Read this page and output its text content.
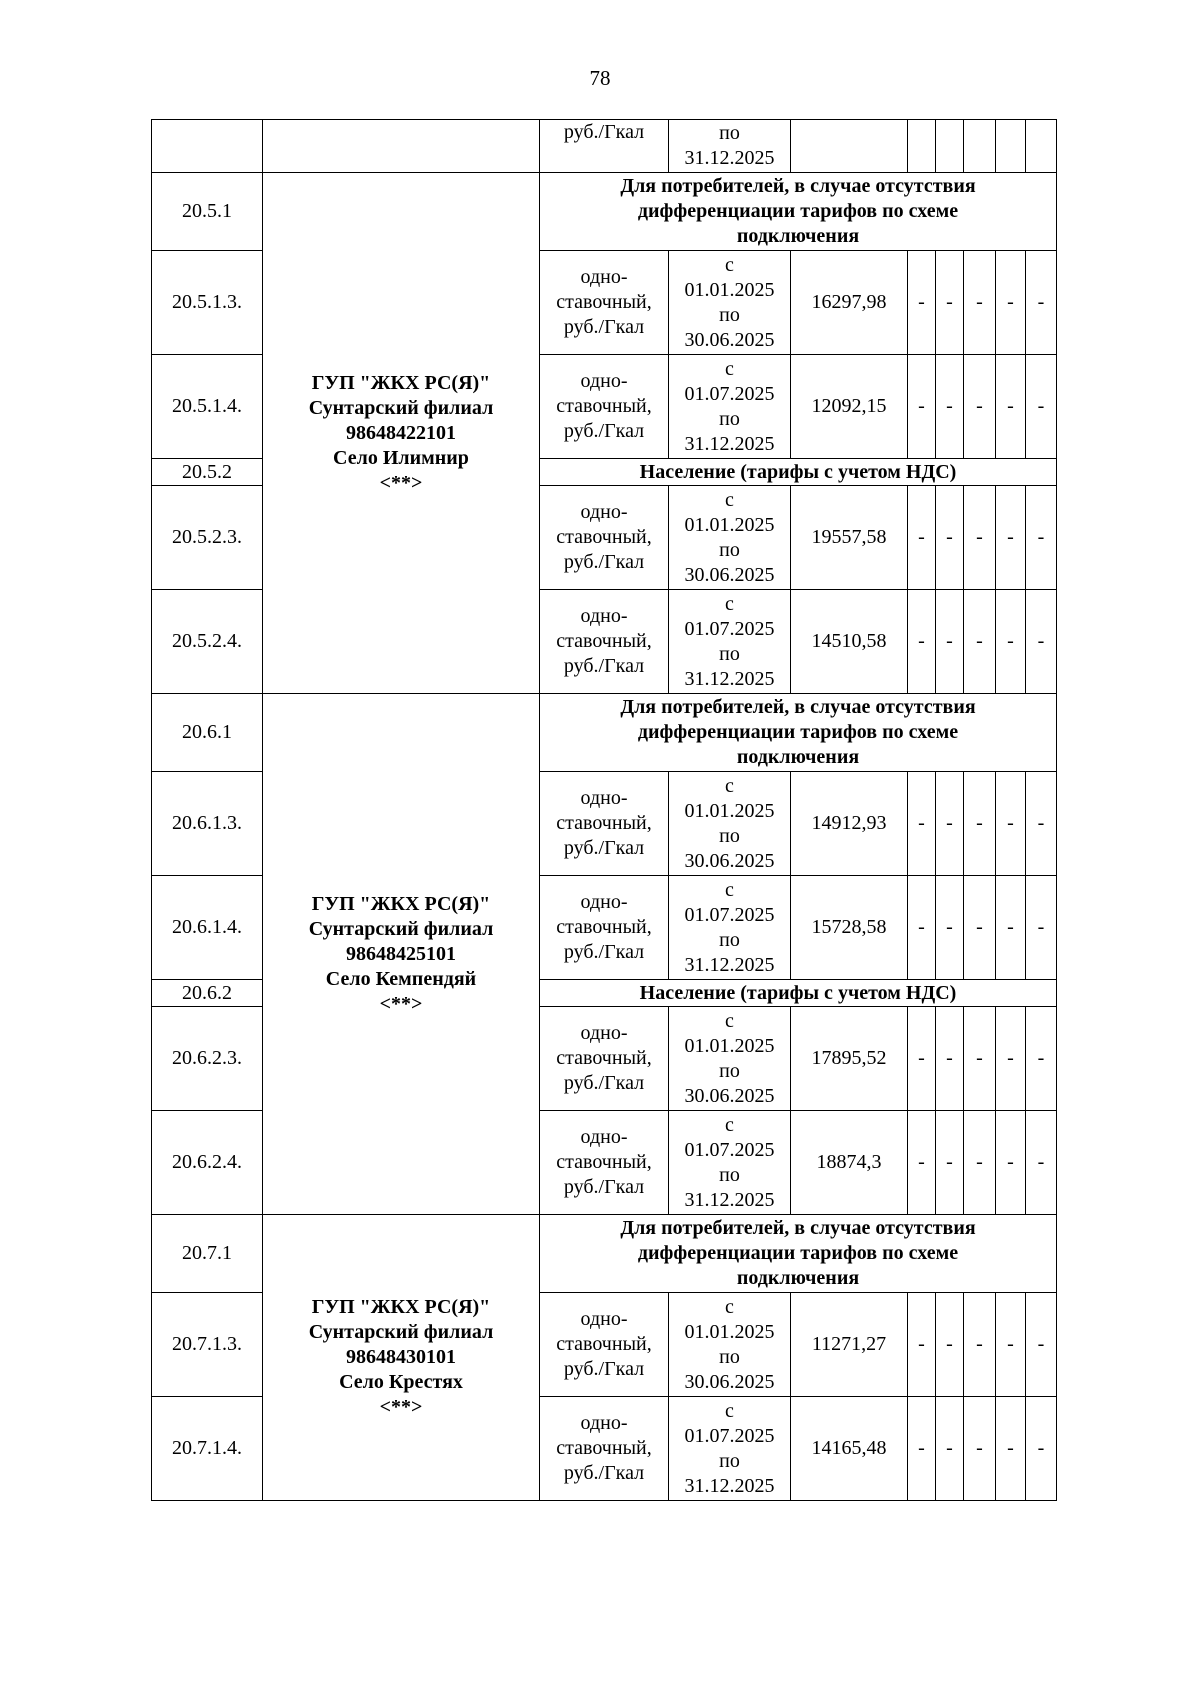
78

		руб./Гкал	по
31.12.2025						

20.5.1	ГУП "ЖКХ РС(Я)"
Сунтарский филиал
98648422101
Село Илимнир
<**>	Для потребителей, в случае отсутствия
дифференциации тарифов по схеме
подключения							

20.5.1.3.		одно-
ставочный,
руб./Гкал	с
01.01.2025
по
30.06.2025	16297,98	-	-	-	-	-
20.5.1.4.		одно-
ставочный,
руб./Гкал	с
01.07.2025
по
31.12.2025	12092,15	-	-	-	-	-
20.5.2		Население (тарифы с учетом НДС)							

20.5.2.3.		одно-
ставочный,
руб./Гкал	с
01.01.2025
по
30.06.2025	19557,58	-	-	-	-	-
20.5.2.4.		одно-
ставочный,
руб./Гкал	с
01.07.2025
по
31.12.2025	14510,58	-	-	-	-	-
20.6.1	ГУП "ЖКХ РС(Я)"
Сунтарский филиал
98648425101
Село Кемпендяй
<**>	Для потребителей, в случае отсутствия
дифференциации тарифов по схеме
подключения							

20.6.1.3.		одно-
ставочный,
руб./Гкал	с
01.01.2025
по
30.06.2025	14912,93	-	-	-	-	-
20.6.1.4.		одно-
ставочный,
руб./Гкал	с
01.07.2025
по
31.12.2025	15728,58	-	-	-	-	-
20.6.2		Население (тарифы с учетом НДС)							

20.6.2.3.		одно-
ставочный,
руб./Гкал	с
01.01.2025
по
30.06.2025	17895,52	-	-	-	-	-
20.6.2.4.		одно-
ставочный,
руб./Гкал	с
01.07.2025
по
31.12.2025	18874,3	-	-	-	-	-
20.7.1	ГУП "ЖКХ РС(Я)"
Сунтарский филиал
98648430101
Село Крестях
<**>	Для потребителей, в случае отсутствия
дифференциации тарифов по схеме
подключения							

20.7.1.3.		одно-
ставочный,
руб./Гкал	с
01.01.2025
по
30.06.2025	11271,27	-	-	-	-	-
20.7.1.4.		одно-
ставочный,
руб./Гкал	с
01.07.2025
по
31.12.2025	14165,48	-	-	-	-	-
